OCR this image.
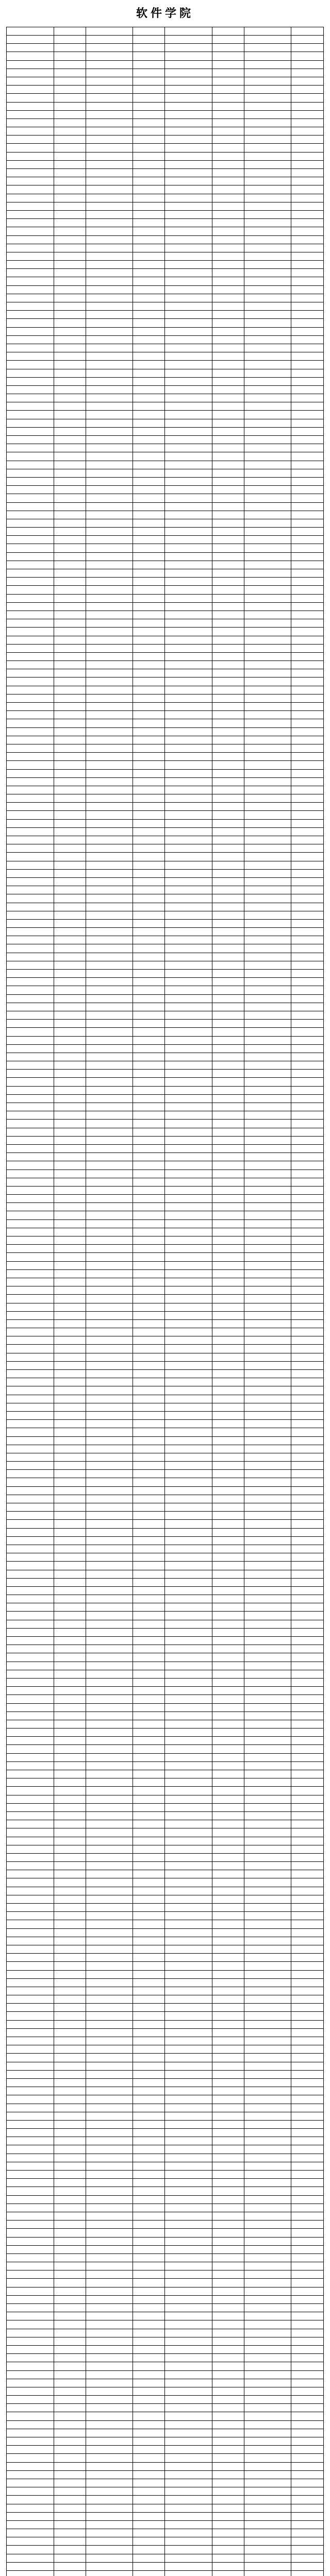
软件学院
